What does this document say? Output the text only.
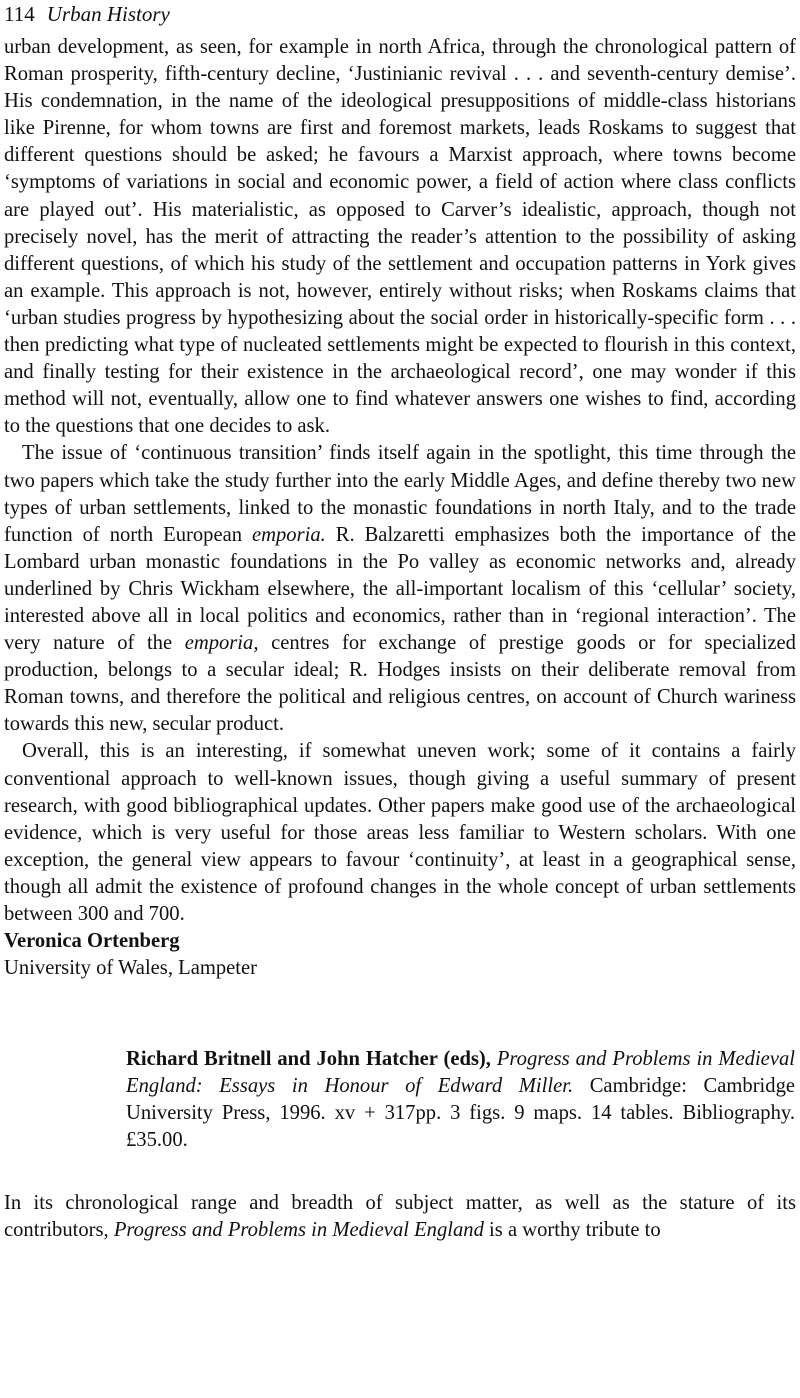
114 Urban History

urban development, as seen, for example in north Africa, through the chronological pattern of Roman prosperity, fifth-century decline, ‘Justinianic revival . . . and seventh-century demise’. His condemnation, in the name of the ideological presuppositions of middle-class historians like Pirenne, for whom towns are first and foremost markets, leads Roskams to suggest that different questions should be asked; he favours a Marxist approach, where towns become ‘symptoms of variations in social and economic power, a field of action where class conflicts are played out’. His materialistic, as opposed to Carver’s idealistic, approach, though not precisely novel, has the merit of attracting the reader’s attention to the possibility of asking different questions, of which his study of the settlement and occupation patterns in York gives an example. This approach is not, however, entirely without risks; when Roskams claims that ‘urban studies progress by hypothesizing about the social order in historically-specific form . . . then predicting what type of nucleated settlements might be expected to flourish in this context, and finally testing for their existence in the archaeological record’, one may wonder if this method will not, eventually, allow one to find whatever answers one wishes to find, according to the questions that one decides to ask.

The issue of ‘continuous transition’ finds itself again in the spotlight, this time through the two papers which take the study further into the early Middle Ages, and define thereby two new types of urban settlements, linked to the monastic foundations in north Italy, and to the trade function of north European emporia. R. Balzaretti emphasizes both the importance of the Lombard urban monastic foundations in the Po valley as economic networks and, already underlined by Chris Wickham elsewhere, the all-important localism of this ‘cellular’ society, interested above all in local politics and economics, rather than in ‘regional interaction’. The very nature of the emporia, centres for exchange of prestige goods or for specialized production, belongs to a secular ideal; R. Hodges insists on their deliberate removal from Roman towns, and therefore the political and religious centres, on account of Church wariness towards this new, secular product.

Overall, this is an interesting, if somewhat uneven work; some of it contains a fairly conventional approach to well-known issues, though giving a useful summary of present research, with good bibliographical updates. Other papers make good use of the archaeological evidence, which is very useful for those areas less familiar to Western scholars. With one exception, the general view appears to favour ‘continuity’, at least in a geographical sense, though all admit the existence of profound changes in the whole concept of urban settlements between 300 and 700.

Veronica Ortenberg
University of Wales, Lampeter
Richard Britnell and John Hatcher (eds), Progress and Problems in Medieval England: Essays in Honour of Edward Miller. Cambridge: Cambridge University Press, 1996. xv + 317pp. 3 figs. 9 maps. 14 tables. Bibliography. £35.00.

In its chronological range and breadth of subject matter, as well as the stature of its contributors, Progress and Problems in Medieval England is a worthy tribute to
